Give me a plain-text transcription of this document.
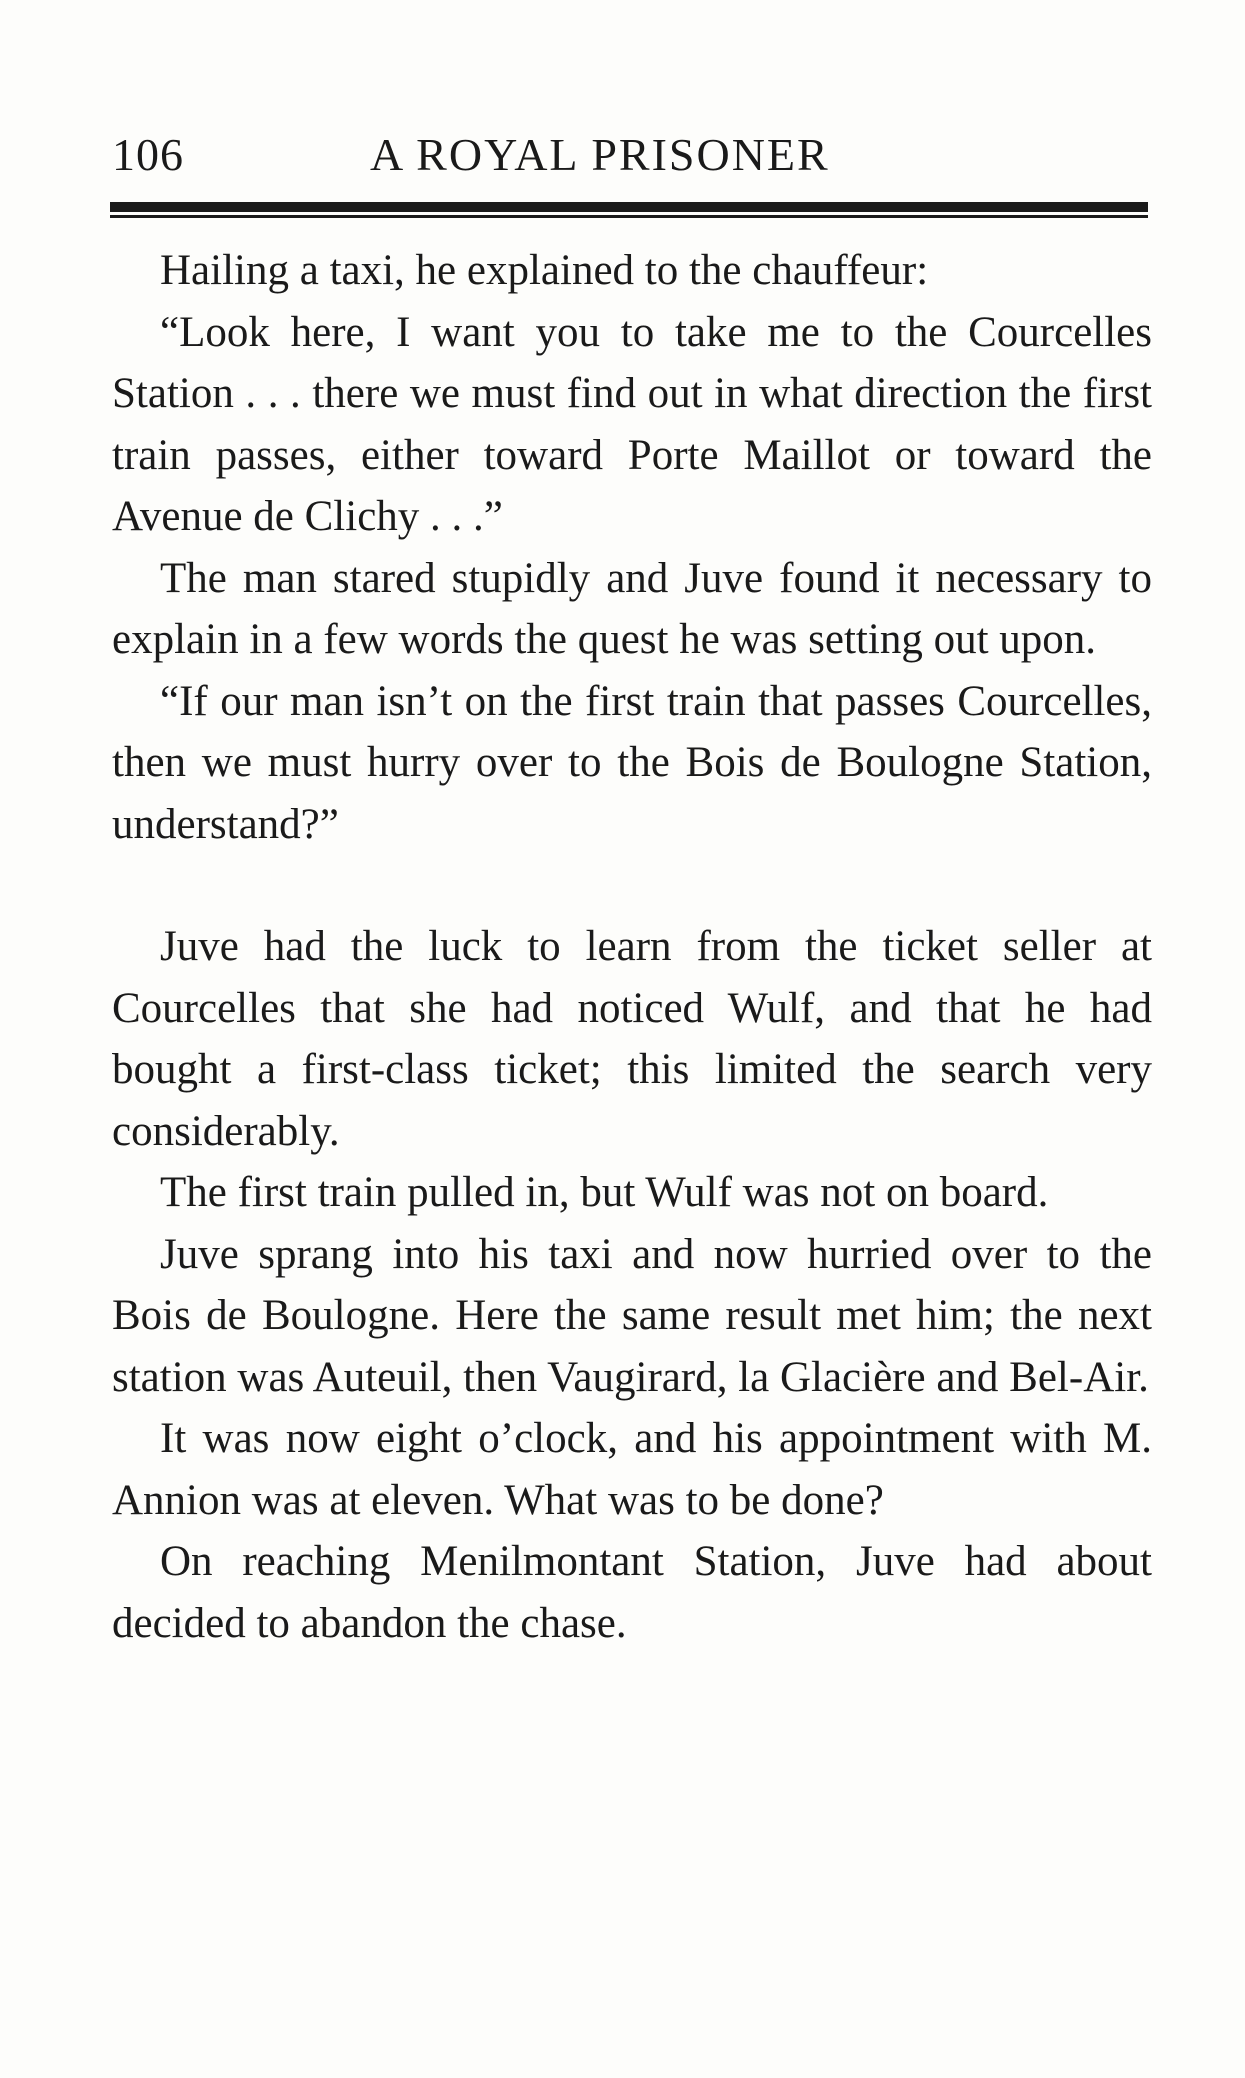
106	A ROYAL PRISONER

Hailing a taxi, he explained to the chauffeur:

“Look here, I want you to take me to the Courcelles Station . . . there we must find out in what direction the first train passes, either toward Porte Maillot or toward the Avenue de Clichy . . .”

The man stared stupidly and Juve found it necessary to explain in a few words the quest he was setting out upon.

“If our man isn’t on the first train that passes Courcelles, then we must hurry over to the Bois de Boulogne Station, understand?”

Juve had the luck to learn from the ticket seller at Courcelles that she had noticed Wulf, and that he had bought a first-class ticket; this limited the search very considerably.

The first train pulled in, but Wulf was not on board.

Juve sprang into his taxi and now hurried over to the Bois de Boulogne. Here the same result met him; the next station was Auteuil, then Vaugirard, la Glacière and Bel-Air.

It was now eight o’clock, and his appointment with M. Annion was at eleven. What was to be done?

On reaching Menilmontant Station, Juve had about decided to abandon the chase.
